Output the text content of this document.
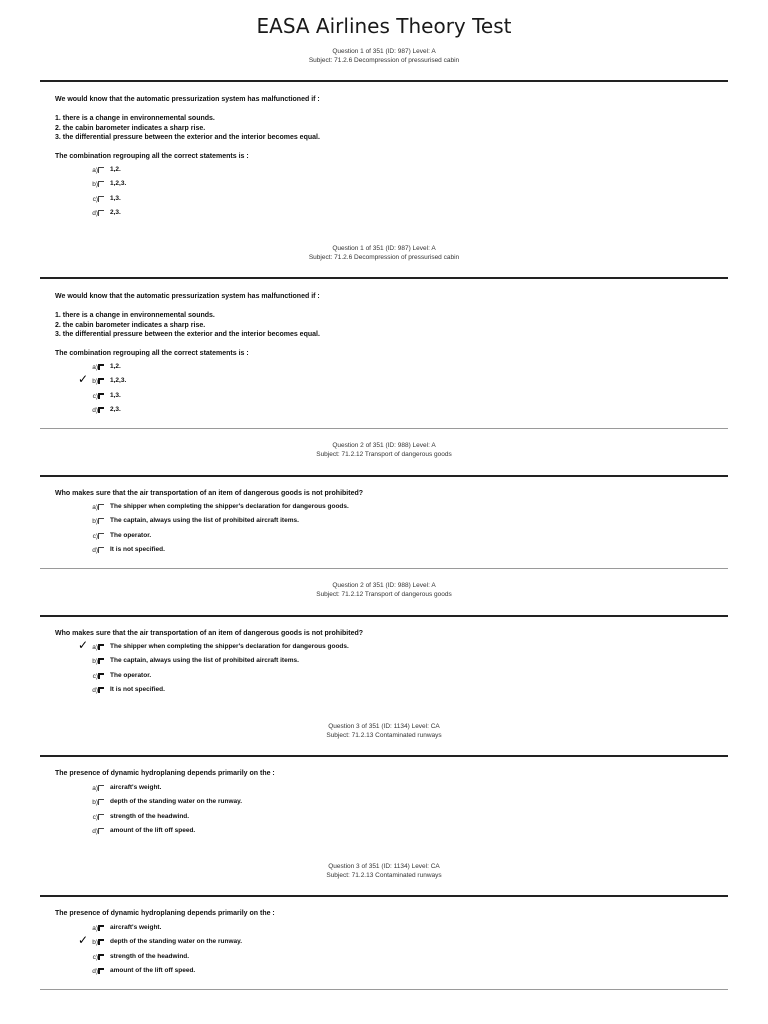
EASA Airlines Theory Test
Question 1 of 351 (ID: 987) Level: A
Subject: 71.2.6 Decompression of pressurised cabin
We would know that the automatic pressurization system has malfunctioned if :
1. there is a change in environnemental sounds.
2. the cabin barometer indicates a sharp rise.
3. the differential pressure between the exterior and the interior becomes equal.
The combination regrouping all the correct statements is :
a) 1,2.
b) 1,2,3.
c) 1,3.
d) 2,3.
Question 1 of 351 (ID: 987) Level: A
Subject: 71.2.6 Decompression of pressurised cabin
We would know that the automatic pressurization system has malfunctioned if :
1. there is a change in environnemental sounds.
2. the cabin barometer indicates a sharp rise.
3. the differential pressure between the exterior and the interior becomes equal.
The combination regrouping all the correct statements is :
a) 1,2.
✓ b) 1,2,3.
c) 1,3.
d) 2,3.
Question 2 of 351 (ID: 988) Level: A
Subject: 71.2.12 Transport of dangerous goods
Who makes sure that the air transportation of an item of dangerous goods is not prohibited?
a) The shipper when completing the shipper's declaration for dangerous goods.
b) The captain, always using the list of prohibited aircraft items.
c) The operator.
d) It is not specified.
Question 2 of 351 (ID: 988) Level: A
Subject: 71.2.12 Transport of dangerous goods
Who makes sure that the air transportation of an item of dangerous goods is not prohibited?
✓ a) The shipper when completing the shipper's declaration for dangerous goods.
b) The captain, always using the list of prohibited aircraft items.
c) The operator.
d) It is not specified.
Question 3 of 351 (ID: 1134) Level: CA
Subject: 71.2.13 Contaminated runways
The presence of dynamic hydroplaning depends primarily on the :
a) aircraft's weight.
b) depth of the standing water on the runway.
c) strength of the headwind.
d) amount of the lift off speed.
Question 3 of 351 (ID: 1134) Level: CA
Subject: 71.2.13 Contaminated runways
The presence of dynamic hydroplaning depends primarily on the :
a) aircraft's weight.
✓ b) depth of the standing water on the runway.
c) strength of the headwind.
d) amount of the lift off speed.
